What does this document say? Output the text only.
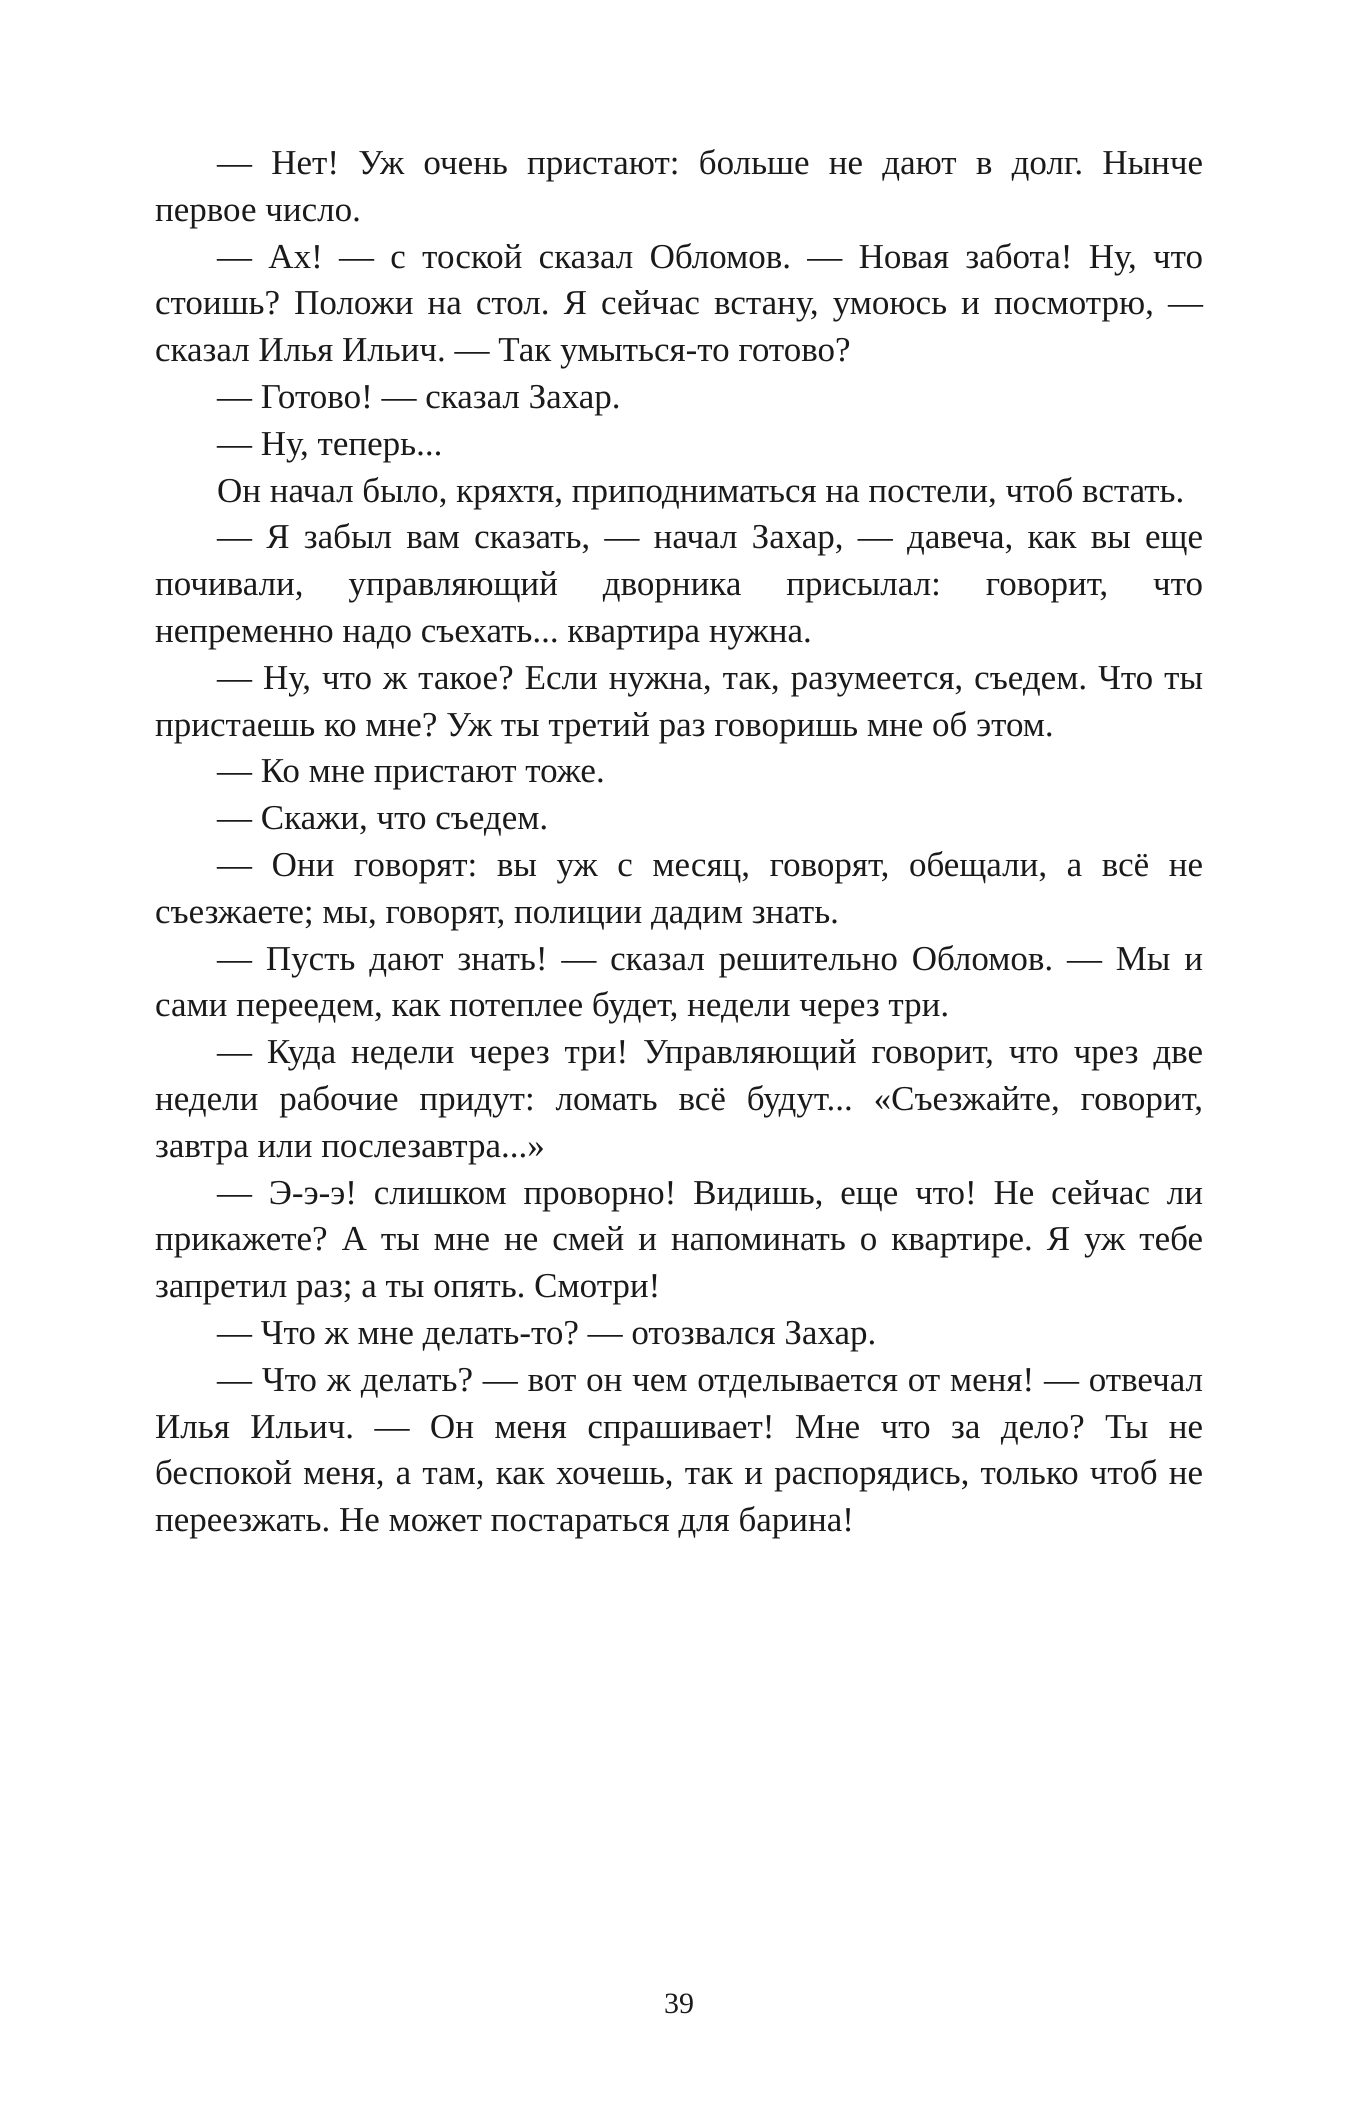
— Нет! Уж очень пристают: больше не дают в долг. Нынче первое число.

— Ах! — с тоской сказал Обломов. — Новая забота! Ну, что стоишь? Положи на стол. Я сейчас встану, умоюсь и посмотрю, — сказал Илья Ильич. — Так умыться-то готово?

— Готово! — сказал Захар.

— Ну, теперь...

Он начал было, кряхтя, приподниматься на постели, чтоб встать.

— Я забыл вам сказать, — начал Захар, — давеча, как вы еще почивали, управляющий дворника присылал: говорит, что непременно надо съехать... квартира нужна.

— Ну, что ж такое? Если нужна, так, разумеется, съедем. Что ты пристаешь ко мне? Уж ты третий раз говоришь мне об этом.

— Ко мне пристают тоже.

— Скажи, что съедем.

— Они говорят: вы уж с месяц, говорят, обещали, а всё не съезжаете; мы, говорят, полиции дадим знать.

— Пусть дают знать! — сказал решительно Обломов. — Мы и сами переедем, как потеплее будет, недели через три.

— Куда недели через три! Управляющий говорит, что чрез две недели рабочие придут: ломать всё будут... «Съезжайте, говорит, завтра или послезавтра...»

— Э-э-э! слишком проворно! Видишь, еще что! Не сейчас ли прикажете? А ты мне не смей и напоминать о квартире. Я уж тебе запретил раз; а ты опять. Смотри!

— Что ж мне делать-то? — отозвался Захар.

— Что ж делать? — вот он чем отделывается от меня! — отвечал Илья Ильич. — Он меня спрашивает! Мне что за дело? Ты не беспокой меня, а там, как хочешь, так и распорядись, только чтоб не переезжать. Не может постараться для барина!

39
